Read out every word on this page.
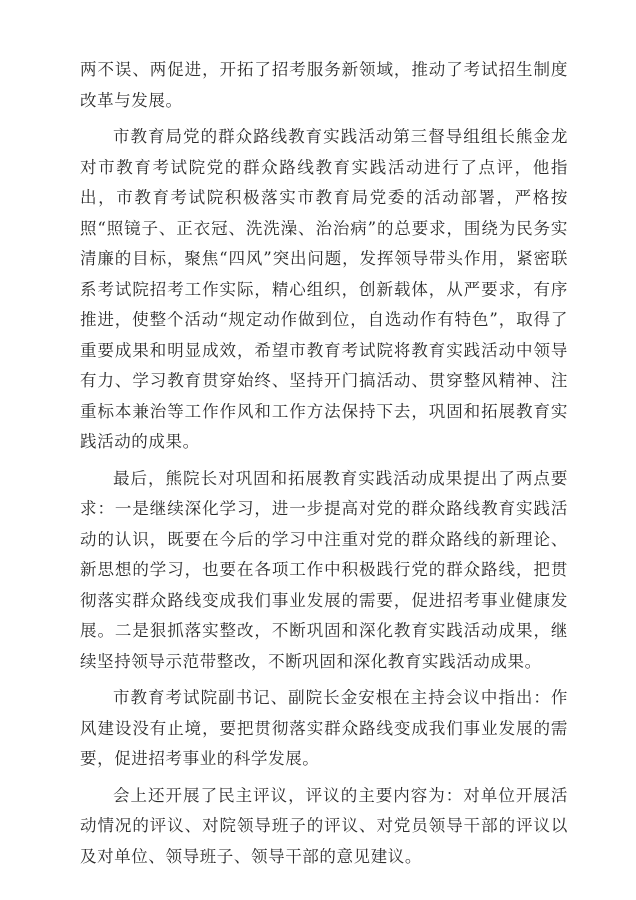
两不误、两促进，开拓了招考服务新领域，推动了考试招生制度改革与发展。

市教育局党的群众路线教育实践活动第三督导组组长熊金龙对市教育考试院党的群众路线教育实践活动进行了点评，他指出，市教育考试院积极落实市教育局党委的活动部署，严格按照“照镜子、正衣冠、洗洗澡、治治病”的总要求，围绕为民务实清廉的目标，聚焦“四风”突出问题，发挥领导带头作用，紧密联系考试院招考工作实际，精心组织，创新载体，从严要求，有序推进，使整个活动“规定动作做到位，自选动作有特色”，取得了重要成果和明显成效，希望市教育考试院将教育实践活动中领导有力、学习教育贯穿始终、坚持开门搞活动、贯穿整风精神、注重标本兼治等工作作风和工作方法保持下去，巩固和拓展教育实践活动的成果。

最后，熊院长对巩固和拓展教育实践活动成果提出了两点要求：一是继续深化学习，进一步提高对党的群众路线教育实践活动的认识，既要在今后的学习中注重对党的群众路线的新理论、新思想的学习，也要在各项工作中积极践行党的群众路线，把贯彻落实群众路线变成我们事业发展的需要，促进招考事业健康发展。二是狠抓落实整改，不断巩固和深化教育实践活动成果，继续坚持领导示范带整改，不断巩固和深化教育实践活动成果。

市教育考试院副书记、副院长金安根在主持会议中指出：作风建设没有止境，要把贯彻落实群众路线变成我们事业发展的需要，促进招考事业的科学发展。

会上还开展了民主评议，评议的主要内容为：对单位开展活动情况的评议、对院领导班子的评议、对党员领导干部的评议以及对单位、领导班子、领导干部的意见建议。
